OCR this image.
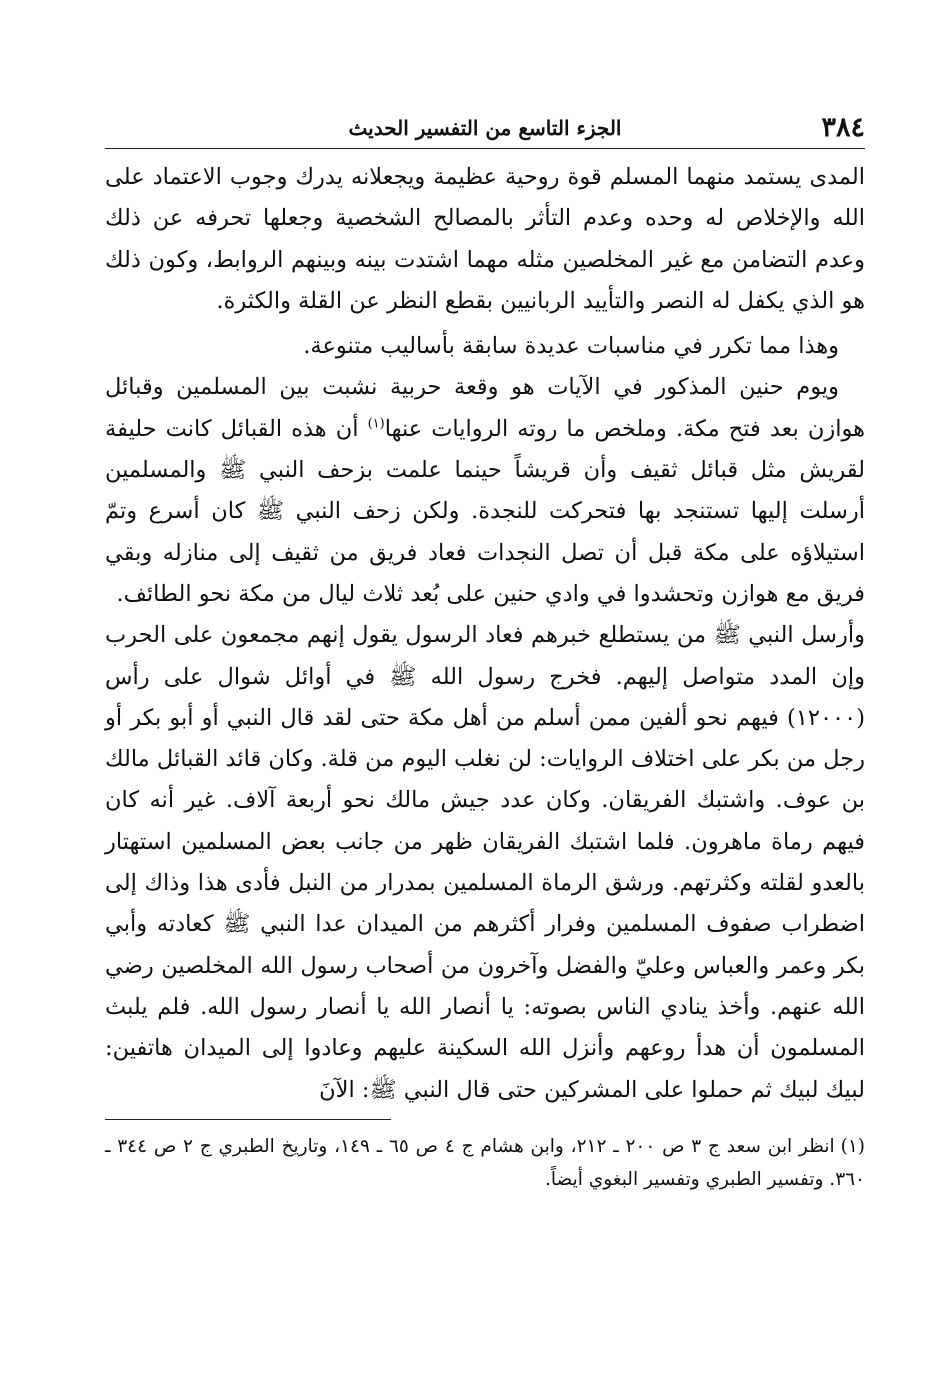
٣٨٤
الجزء التاسع من التفسير الحديث

المدى يستمد منهما المسلم قوة روحية عظيمة ويجعلانه يدرك وجوب الاعتماد على الله والإخلاص له وحده وعدم التأثر بالمصالح الشخصية وجعلها تحرفه عن ذلك وعدم التضامن مع غير المخلصين مثله مهما اشتدت بينه وبينهم الروابط، وكون ذلك هو الذي يكفل له النصر والتأييد الربانيين بقطع النظر عن القلة والكثرة.

وهذا مما تكرر في مناسبات عديدة سابقة بأساليب متنوعة.

ويوم حنين المذكور في الآيات هو وقعة حربية نشبت بين المسلمين وقبائل هوازن بعد فتح مكة. وملخص ما روته الروايات عنها$^{(١)}$ أن هذه القبائل كانت حليفة لقريش مثل قبائل ثقيف وأن قريشاً حينما علمت بزحف النبي ﷺ والمسلمين أرسلت إليها تستنجد بها فتحركت للنجدة. ولكن زحف النبي ﷺ كان أسرع وتمّ استيلاؤه على مكة قبل أن تصل النجدات فعاد فريق من ثقيف إلى منازله وبقي فريق مع هوازن وتحشدوا في وادي حنين على بُعد ثلاث ليال من مكة نحو الطائف.

وأرسل النبي ﷺ من يستطلع خبرهم فعاد الرسول يقول إنهم مجمعون على الحرب وإن المدد متواصل إليهم. فخرج رسول الله ﷺ في أوائل شوال على رأس (١٢٠٠٠) فيهم نحو ألفين ممن أسلم من أهل مكة حتى لقد قال النبي أو أبو بكر أو رجل من بكر على اختلاف الروايات: لن نغلب اليوم من قلة. وكان قائد القبائل مالك بن عوف. واشتبك الفريقان. وكان عدد جيش مالك نحو أربعة آلاف. غير أنه كان فيهم رماة ماهرون. فلما اشتبك الفريقان ظهر من جانب بعض المسلمين استهتار بالعدو لقلته وكثرتهم. ورشق الرماة المسلمين بمدرار من النبل فأدى هذا وذاك إلى اضطراب صفوف المسلمين وفرار أكثرهم من الميدان عدا النبي ﷺ كعادته وأبي بكر وعمر والعباس وعليّ والفضل وآخرون من أصحاب رسول الله المخلصين رضي الله عنهم. وأخذ ينادي الناس بصوته: يا أنصار الله يا أنصار رسول الله. فلم يلبث المسلمون أن هدأ روعهم وأنزل الله السكينة عليهم وعادوا إلى الميدان هاتفين: لبيك لبيك ثم حملوا على المشركين حتى قال النبي ﷺ: الآنَ

(١)انظر ابن سعد ج ٣ ص ٢٠٠ ـ ٢١٢، وابن هشام ج ٤ ص ٦٥ ـ ١٤٩، وتاريخ الطبري ج ٢ ص ٣٤٤ ـ ٣٦٠. وتفسير الطبري وتفسير البغوي أيضاً.
